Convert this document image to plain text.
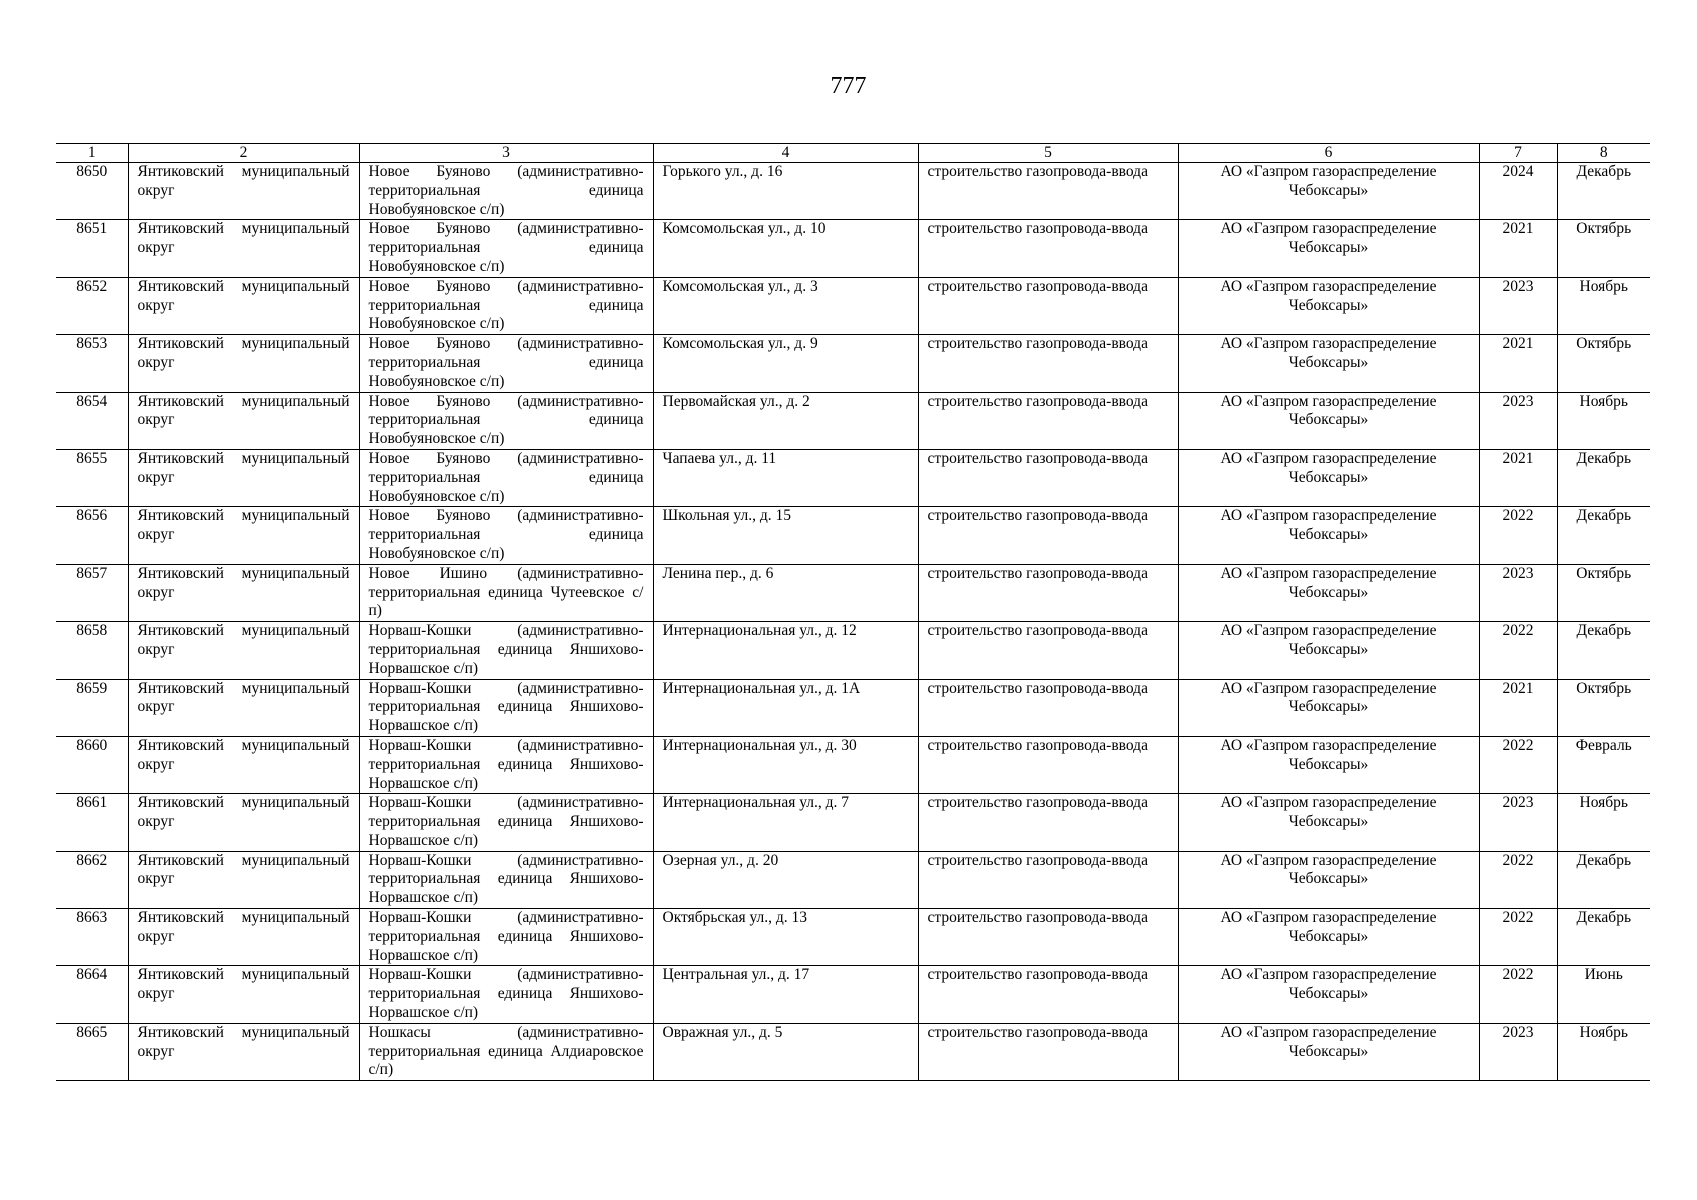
777
1	2	3	4	5	6	7	8
8650	Янтиковский муниципальный округ	Новое Буяново (административно-территориальная единица Новобуяновское с/п)	Горького ул., д. 16	строительство газопровода-ввода	АО «Газпром газораспределение Чебоксары»	2024	Декабрь
8651	Янтиковский муниципальный округ	Новое Буяново (административно-территориальная единица Новобуяновское с/п)	Комсомольская ул., д. 10	строительство газопровода-ввода	АО «Газпром газораспределение Чебоксары»	2021	Октябрь
8652	Янтиковский муниципальный округ	Новое Буяново (административно-территориальная единица Новобуяновское с/п)	Комсомольская ул., д. 3	строительство газопровода-ввода	АО «Газпром газораспределение Чебоксары»	2023	Ноябрь
8653	Янтиковский муниципальный округ	Новое Буяново (административно-территориальная единица Новобуяновское с/п)	Комсомольская ул., д. 9	строительство газопровода-ввода	АО «Газпром газораспределение Чебоксары»	2021	Октябрь
8654	Янтиковский муниципальный округ	Новое Буяново (административно-территориальная единица Новобуяновское с/п)	Первомайская ул., д. 2	строительство газопровода-ввода	АО «Газпром газораспределение Чебоксары»	2023	Ноябрь
8655	Янтиковский муниципальный округ	Новое Буяново (административно-территориальная единица Новобуяновское с/п)	Чапаева ул., д. 11	строительство газопровода-ввода	АО «Газпром газораспределение Чебоксары»	2021	Декабрь
8656	Янтиковский муниципальный округ	Новое Буяново (административно-территориальная единица Новобуяновское с/п)	Школьная ул., д. 15	строительство газопровода-ввода	АО «Газпром газораспределение Чебоксары»	2022	Декабрь
8657	Янтиковский муниципальный округ	Новое Ишино (административно-территориальная единица Чутеевское с/п)	Ленина пер., д. 6	строительство газопровода-ввода	АО «Газпром газораспределение Чебоксары»	2023	Октябрь
8658	Янтиковский муниципальный округ	Норваш-Кошки (административно-территориальная единица Яншихово-Норвашское с/п)	Интернациональная ул., д. 12	строительство газопровода-ввода	АО «Газпром газораспределение Чебоксары»	2022	Декабрь
8659	Янтиковский муниципальный округ	Норваш-Кошки (административно-территориальная единица Яншихово-Норвашское с/п)	Интернациональная ул., д. 1А	строительство газопровода-ввода	АО «Газпром газораспределение Чебоксары»	2021	Октябрь
8660	Янтиковский муниципальный округ	Норваш-Кошки (административно-территориальная единица Яншихово-Норвашское с/п)	Интернациональная ул., д. 30	строительство газопровода-ввода	АО «Газпром газораспределение Чебоксары»	2022	Февраль
8661	Янтиковский муниципальный округ	Норваш-Кошки (административно-территориальная единица Яншихово-Норвашское с/п)	Интернациональная ул., д. 7	строительство газопровода-ввода	АО «Газпром газораспределение Чебоксары»	2023	Ноябрь
8662	Янтиковский муниципальный округ	Норваш-Кошки (административно-территориальная единица Яншихово-Норвашское с/п)	Озерная ул., д. 20	строительство газопровода-ввода	АО «Газпром газораспределение Чебоксары»	2022	Декабрь
8663	Янтиковский муниципальный округ	Норваш-Кошки (административно-территориальная единица Яншихово-Норвашское с/п)	Октябрьская ул., д. 13	строительство газопровода-ввода	АО «Газпром газораспределение Чебоксары»	2022	Декабрь
8664	Янтиковский муниципальный округ	Норваш-Кошки (административно-территориальная единица Яншихово-Норвашское с/п)	Центральная ул., д. 17	строительство газопровода-ввода	АО «Газпром газораспределение Чебоксары»	2022	Июнь
8665	Янтиковский муниципальный округ	Ношкасы (административно-территориальная единица Алдиаровское с/п)	Овражная ул., д. 5	строительство газопровода-ввода	АО «Газпром газораспределение Чебоксары»	2023	Ноябрь
